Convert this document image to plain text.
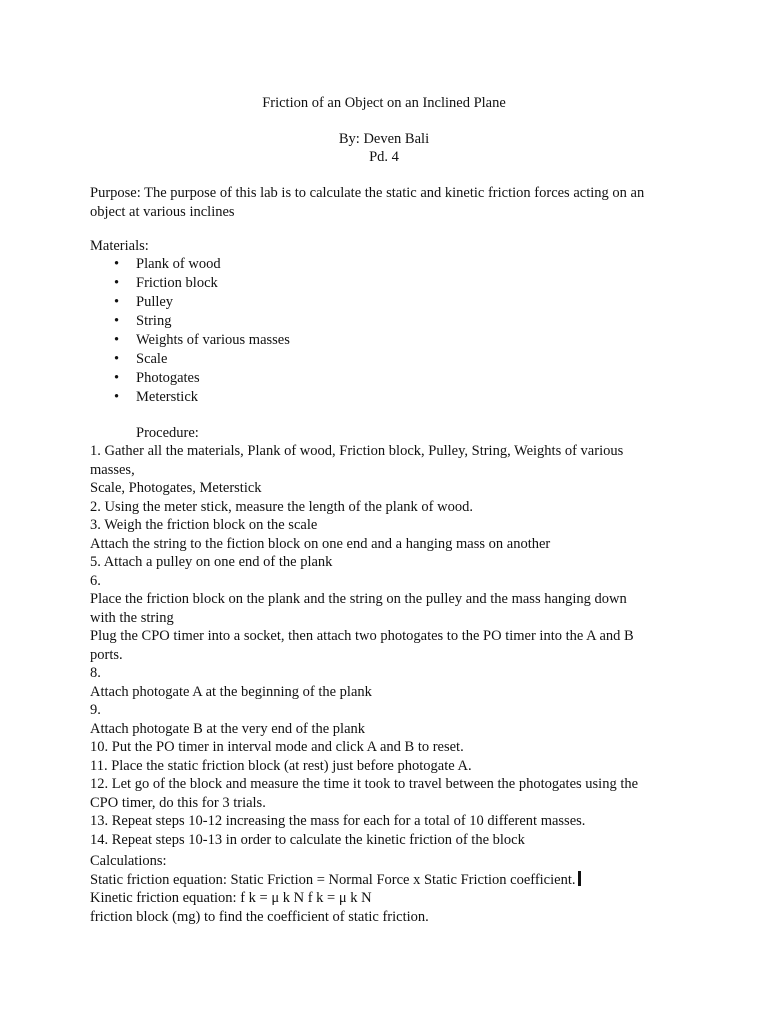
Friction of an Object on an Inclined Plane
By: Deven Bali
Pd. 4
Purpose: The purpose of this lab is to calculate the static and kinetic friction forces acting on an
object at various inclines
Materials:
• Plank of wood
• Friction block
• Pulley
• String
• Weights of various masses
• Scale
• Photogates
• Meterstick
Procedure:
1. Gather all the materials, Plank of wood, Friction block, Pulley, String, Weights of various
masses,
Scale, Photogates, Meterstick
2. Using the meter stick, measure the length of the plank of wood.
3. Weigh the friction block on the scale
Attach the string to the fiction block on one end and a hanging mass on another
5. Attach a pulley on one end of the plank
6.
Place the friction block on the plank and the string on the pulley and the mass hanging down
with the string
Plug the CPO timer into a socket, then attach two photogates to the PO timer into the A and B
ports.
8.
Attach photogate A at the beginning of the plank
9.
Attach photogate B at the very end of the plank
10. Put the PO timer in interval mode and click A and B to reset.
11. Place the static friction block (at rest) just before photogate A.
12. Let go of the block and measure the time it took to travel between the photogates using the
CPO timer, do this for 3 trials.
13. Repeat steps 10-12 increasing the mass for each for a total of 10 different masses.
14. Repeat steps 10-13 in order to calculate the kinetic friction of the block
Calculations:
Static friction equation: Static Friction = Normal Force x Static Friction coefficient.
Kinetic friction equation: f k = μ k N f k = μ k N
friction block (mg) to find the coefficient of static friction.
